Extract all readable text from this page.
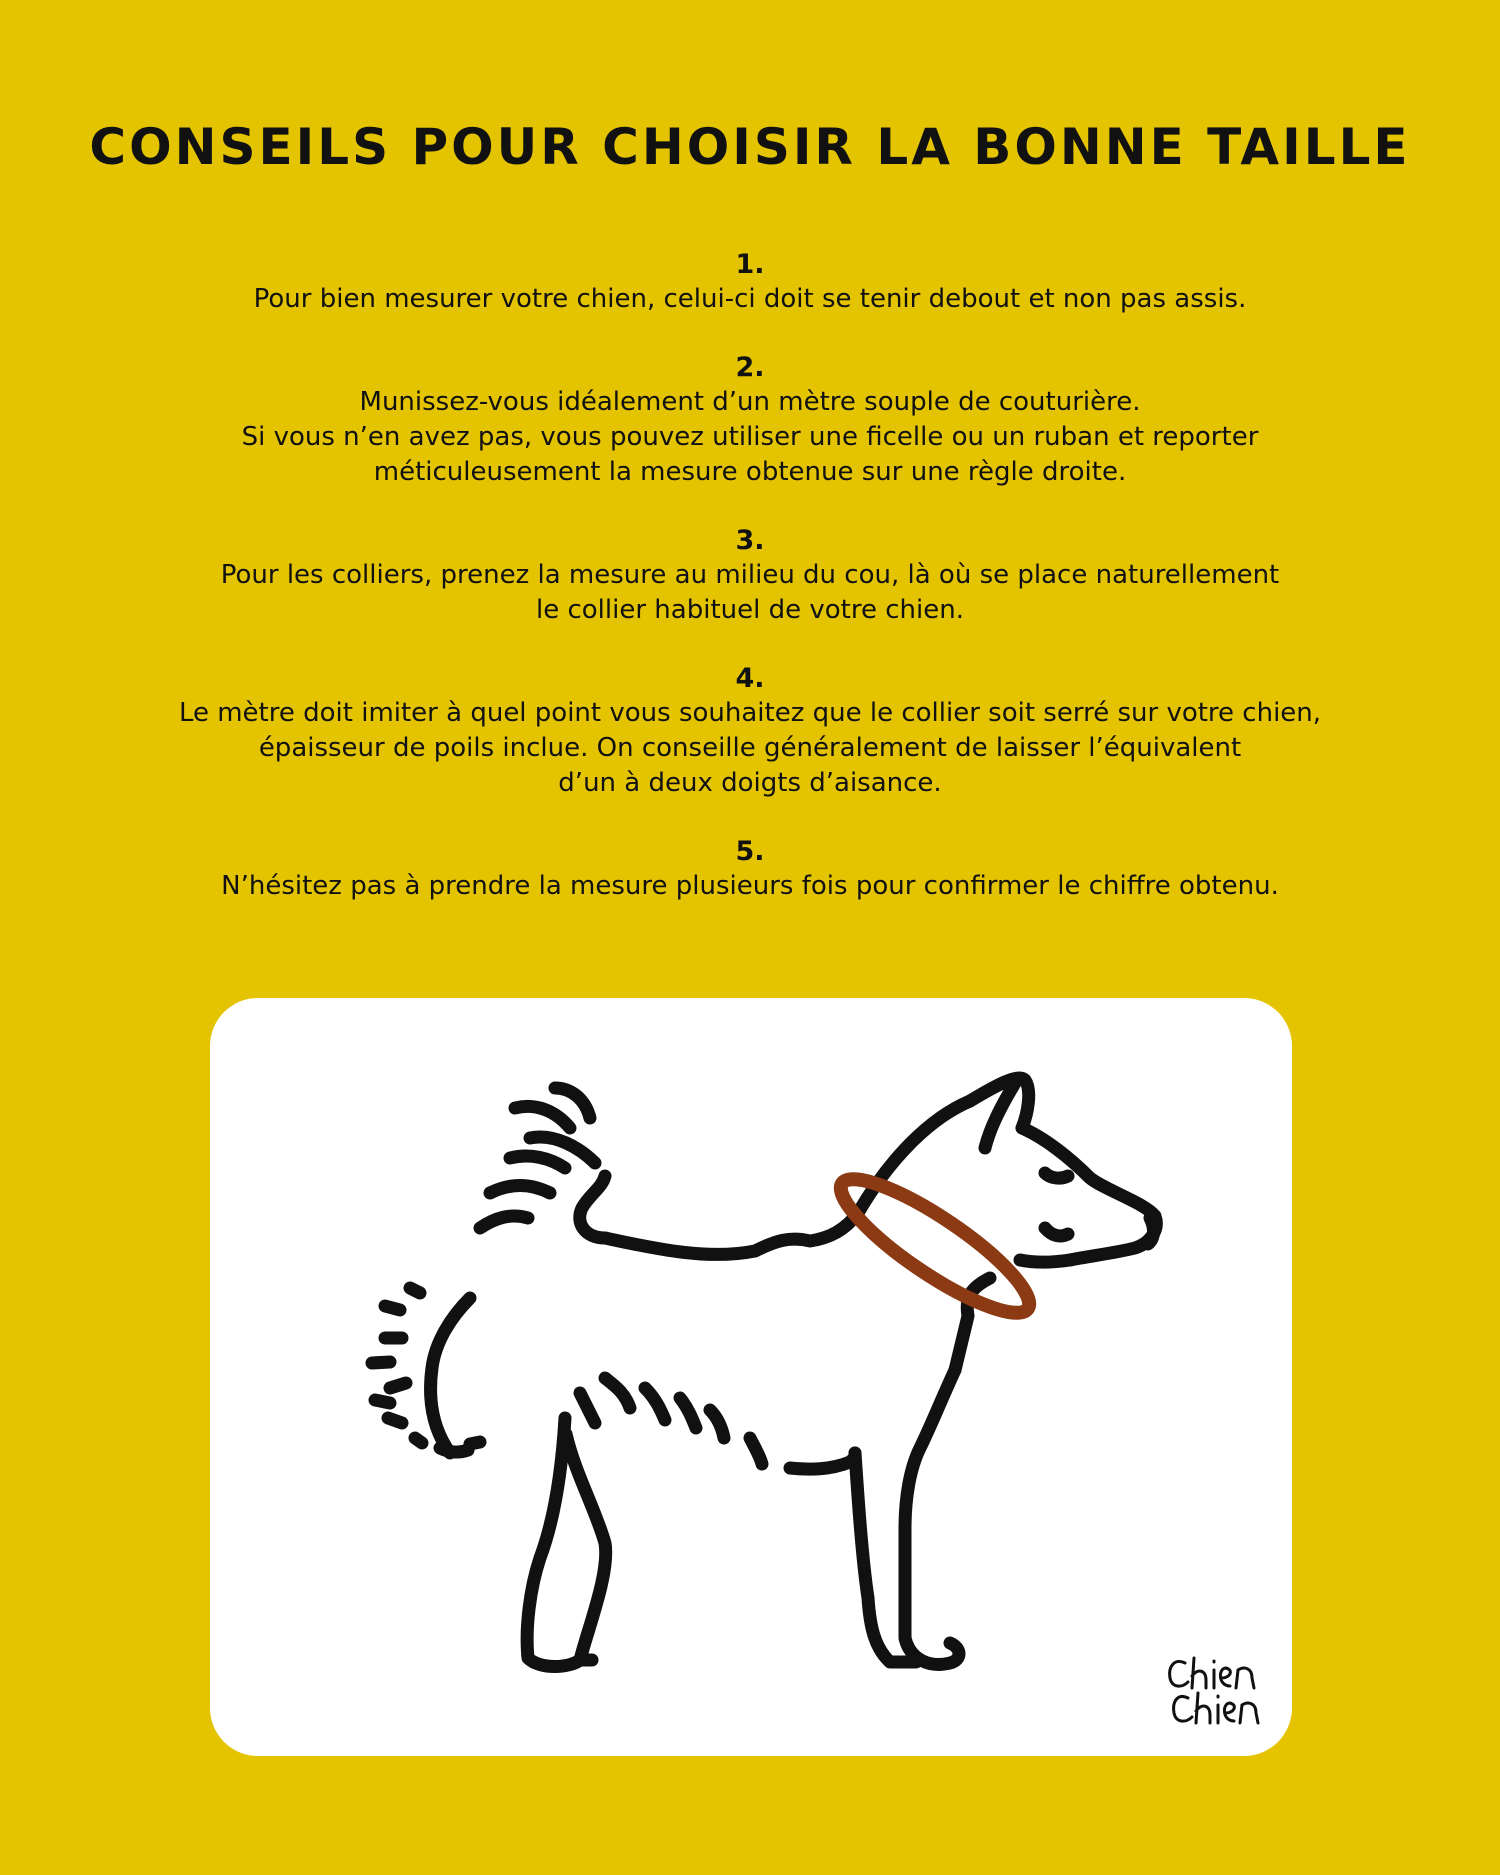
CONSEILS POUR CHOISIR LA BONNE TAILLE
1.
Pour bien mesurer votre chien, celui-ci doit se tenir debout et non pas assis.
2.
Munissez-vous idéalement d’un mètre souple de couturière.
Si vous n’en avez pas, vous pouvez utiliser une ficelle ou un ruban et reporter
méticuleusement la mesure obtenue sur une règle droite.
3.
Pour les colliers, prenez la mesure au milieu du cou, là où se place naturellement
le collier habituel de votre chien.
4.
Le mètre doit imiter à quel point vous souhaitez que le collier soit serré sur votre chien,
épaisseur de poils inclue. On conseille généralement de laisser l’équivalent
d’un à deux doigts d’aisance.
5.
N’hésitez pas à prendre la mesure plusieurs fois pour confirmer le chiffre obtenu.
